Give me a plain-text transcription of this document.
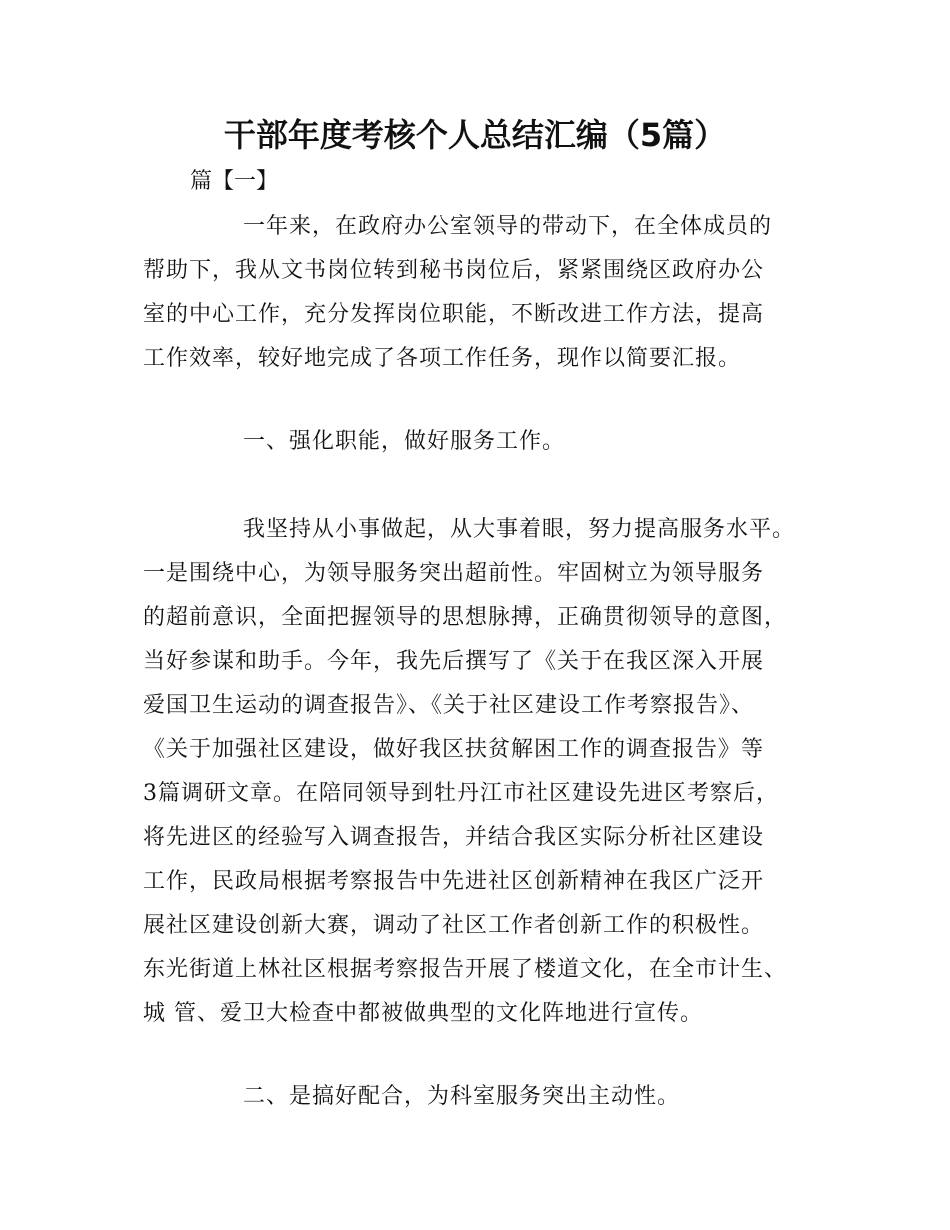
干部年度考核个人总结汇编（5篇）
篇【一】
一年来，在政府办公室领导的带动下，在全体成员的
帮助下，我从文书岗位转到秘书岗位后，紧紧围绕区政府办公
室的中心工作，充分发挥岗位职能，不断改进工作方法，提高
工作效率，较好地完成了各项工作任务，现作以简要汇报。
一、强化职能，做好服务工作。
我坚持从小事做起，从大事着眼，努力提高服务水平。
一是围绕中心，为领导服务突出超前性。牢固树立为领导服务
的超前意识，全面把握领导的思想脉搏，正确贯彻领导的意图，
当好参谋和助手。今年，我先后撰写了《关于在我区深入开展
爱国卫生运动的调查报告》、《关于社区建设工作考察报告》、
《关于加强社区建设，做好我区扶贫解困工作的调查报告》等
3篇调研文章。在陪同领导到牡丹江市社区建设先进区考察后，
将先进区的经验写入调查报告，并结合我区实际分析社区建设
工作，民政局根据考察报告中先进社区创新精神在我区广泛开
展社区建设创新大赛，调动了社区工作者创新工作的积极性。
东光街道上林社区根据考察报告开展了楼道文化，在全市计生、
城 管、爱卫大检查中都被做典型的文化阵地进行宣传。
二、是搞好配合，为科室服务突出主动性。
